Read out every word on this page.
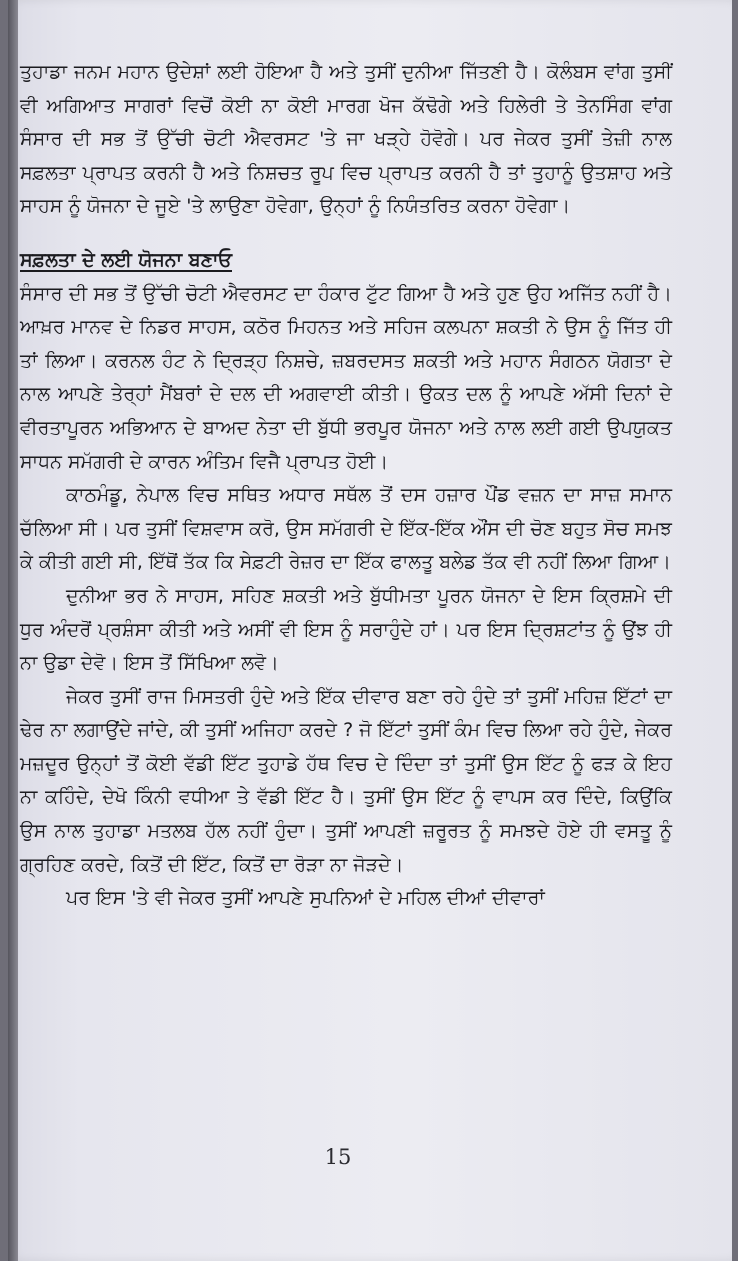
ਤੁਹਾਡਾ ਜਨਮ ਮਹਾਨ ਉਦੇਸ਼ਾਂ ਲਈ ਹੋਇਆ ਹੈ ਅਤੇ ਤੁਸੀਂ ਦੁਨੀਆ ਜਿੱਤਣੀ ਹੈ। ਕੋਲੰਬਸ ਵਾਂਗ ਤੁਸੀਂ ਵੀ ਅਗਿਆਤ ਸਾਗਰਾਂ ਵਿਚੋਂ ਕੋਈ ਨਾ ਕੋਈ ਮਾਰਗ ਖੋਜ ਕੱਢੋਗੇ ਅਤੇ ਹਿਲੇਰੀ ਤੇ ਤੇਨਸਿੰਗ ਵਾਂਗ ਸੰਸਾਰ ਦੀ ਸਭ ਤੋਂ ਉੱਚੀ ਚੋਟੀ ਐਵਰਸਟ 'ਤੇ ਜਾ ਖੜ੍ਹੇ ਹੋਵੋਗੇ। ਪਰ ਜੇਕਰ ਤੁਸੀਂ ਤੇਜ਼ੀ ਨਾਲ ਸਫ਼ਲਤਾ ਪ੍ਰਾਪਤ ਕਰਨੀ ਹੈ ਅਤੇ ਨਿਸ਼ਚਤ ਰੂਪ ਵਿਚ ਪ੍ਰਾਪਤ ਕਰਨੀ ਹੈ ਤਾਂ ਤੁਹਾਨੂੰ ਉਤਸ਼ਾਹ ਅਤੇ ਸਾਹਸ ਨੂੰ ਯੋਜਨਾ ਦੇ ਜੂਏ 'ਤੇ ਲਾਉਣਾ ਹੋਵੇਗਾ, ਉਨ੍ਹਾਂ ਨੂੰ ਨਿਯੰਤਰਿਤ ਕਰਨਾ ਹੋਵੇਗਾ।

ਸਫ਼ਲਤਾ ਦੇ ਲਈ ਯੋਜਨਾ ਬਣਾਓ

ਸੰਸਾਰ ਦੀ ਸਭ ਤੋਂ ਉੱਚੀ ਚੋਟੀ ਐਵਰਸਟ ਦਾ ਹੰਕਾਰ ਟੁੱਟ ਗਿਆ ਹੈ ਅਤੇ ਹੁਣ ਉਹ ਅਜਿੱਤ ਨਹੀਂ ਹੈ। ਆਖ਼ਰ ਮਾਨਵ ਦੇ ਨਿਡਰ ਸਾਹਸ, ਕਠੋਰ ਮਿਹਨਤ ਅਤੇ ਸਹਿਜ ਕਲਪਨਾ ਸ਼ਕਤੀ ਨੇ ਉਸ ਨੂੰ ਜਿੱਤ ਹੀ ਤਾਂ ਲਿਆ। ਕਰਨਲ ਹੰਟ ਨੇ ਦ੍ਰਿੜ੍ਹ ਨਿਸ਼ਚੇ, ਜ਼ਬਰਦਸਤ ਸ਼ਕਤੀ ਅਤੇ ਮਹਾਨ ਸੰਗਠਨ ਯੋਗਤਾ ਦੇ ਨਾਲ ਆਪਣੇ ਤੇਰ੍ਹਾਂ ਮੈਂਬਰਾਂ ਦੇ ਦਲ ਦੀ ਅਗਵਾਈ ਕੀਤੀ। ਉਕਤ ਦਲ ਨੂੰ ਆਪਣੇ ਅੱਸੀ ਦਿਨਾਂ ਦੇ ਵੀਰਤਾਪੂਰਨ ਅਭਿਆਨ ਦੇ ਬਾਅਦ ਨੇਤਾ ਦੀ ਬੁੱਧੀ ਭਰਪੂਰ ਯੋਜਨਾ ਅਤੇ ਨਾਲ ਲਈ ਗਈ ਉਪਯੁਕਤ ਸਾਧਨ ਸਮੱਗਰੀ ਦੇ ਕਾਰਨ ਅੰਤਿਮ ਵਿਜੈ ਪ੍ਰਾਪਤ ਹੋਈ।

ਕਾਠਮੰਡੂ, ਨੇਪਾਲ ਵਿਚ ਸਥਿਤ ਅਧਾਰ ਸਥੱਲ ਤੋਂ ਦਸ ਹਜ਼ਾਰ ਪੌਂਡ ਵਜ਼ਨ ਦਾ ਸਾਜ਼ ਸਮਾਨ ਚੱਲਿਆ ਸੀ। ਪਰ ਤੁਸੀਂ ਵਿਸ਼ਵਾਸ ਕਰੋ, ਉਸ ਸਮੱਗਰੀ ਦੇ ਇੱਕ-ਇੱਕ ਔਂਸ ਦੀ ਚੋਣ ਬਹੁਤ ਸੋਚ ਸਮਝ ਕੇ ਕੀਤੀ ਗਈ ਸੀ, ਇੱਥੋਂ ਤੱਕ ਕਿ ਸੇਫ਼ਟੀ ਰੇਜ਼ਰ ਦਾ ਇੱਕ ਫਾਲਤੂ ਬਲੇਡ ਤੱਕ ਵੀ ਨਹੀਂ ਲਿਆ ਗਿਆ।

ਦੁਨੀਆ ਭਰ ਨੇ ਸਾਹਸ, ਸਹਿਣ ਸ਼ਕਤੀ ਅਤੇ ਬੁੱਧੀਮਤਾ ਪੂਰਨ ਯੋਜਨਾ ਦੇ ਇਸ ਕ੍ਰਿਸ਼ਮੇ ਦੀ ਧੁਰ ਅੰਦਰੋਂ ਪ੍ਰਸ਼ੰਸਾ ਕੀਤੀ ਅਤੇ ਅਸੀਂ ਵੀ ਇਸ ਨੂੰ ਸਰਾਹੁੰਦੇ ਹਾਂ। ਪਰ ਇਸ ਦ੍ਰਿਸ਼ਟਾਂਤ ਨੂੰ ਉਂਝ ਹੀ ਨਾ ਉਡਾ ਦੇਵੋ। ਇਸ ਤੋਂ ਸਿੱਖਿਆ ਲਵੋ।

ਜੇਕਰ ਤੁਸੀਂ ਰਾਜ ਮਿਸਤਰੀ ਹੁੰਦੇ ਅਤੇ ਇੱਕ ਦੀਵਾਰ ਬਣਾ ਰਹੇ ਹੁੰਦੇ ਤਾਂ ਤੁਸੀਂ ਮਹਿਜ਼ ਇੱਟਾਂ ਦਾ ਢੇਰ ਨਾ ਲਗਾਉਂਦੇ ਜਾਂਦੇ, ਕੀ ਤੁਸੀਂ ਅਜਿਹਾ ਕਰਦੇ ? ਜੋ ਇੱਟਾਂ ਤੁਸੀਂ ਕੰਮ ਵਿਚ ਲਿਆ ਰਹੇ ਹੁੰਦੇ, ਜੇਕਰ ਮਜ਼ਦੂਰ ਉਨ੍ਹਾਂ ਤੋਂ ਕੋਈ ਵੱਡੀ ਇੱਟ ਤੁਹਾਡੇ ਹੱਥ ਵਿਚ ਦੇ ਦਿੰਦਾ ਤਾਂ ਤੁਸੀਂ ਉਸ ਇੱਟ ਨੂੰ ਫੜ ਕੇ ਇਹ ਨਾ ਕਹਿੰਦੇ, ਦੇਖੋ ਕਿੰਨੀ ਵਧੀਆ ਤੇ ਵੱਡੀ ਇੱਟ ਹੈ। ਤੁਸੀਂ ਉਸ ਇੱਟ ਨੂੰ ਵਾਪਸ ਕਰ ਦਿੰਦੇ, ਕਿਉਂਕਿ ਉਸ ਨਾਲ ਤੁਹਾਡਾ ਮਤਲਬ ਹੱਲ ਨਹੀਂ ਹੁੰਦਾ। ਤੁਸੀਂ ਆਪਣੀ ਜ਼ਰੂਰਤ ਨੂੰ ਸਮਝਦੇ ਹੋਏ ਹੀ ਵਸਤੂ ਨੂੰ ਗ੍ਰਹਿਣ ਕਰਦੇ, ਕਿਤੋਂ ਦੀ ਇੱਟ, ਕਿਤੋਂ ਦਾ ਰੋੜਾ ਨਾ ਜੋੜਦੇ।

ਪਰ ਇਸ 'ਤੇ ਵੀ ਜੇਕਰ ਤੁਸੀਂ ਆਪਣੇ ਸੁਪਨਿਆਂ ਦੇ ਮਹਿਲ ਦੀਆਂ ਦੀਵਾਰਾਂ

15
